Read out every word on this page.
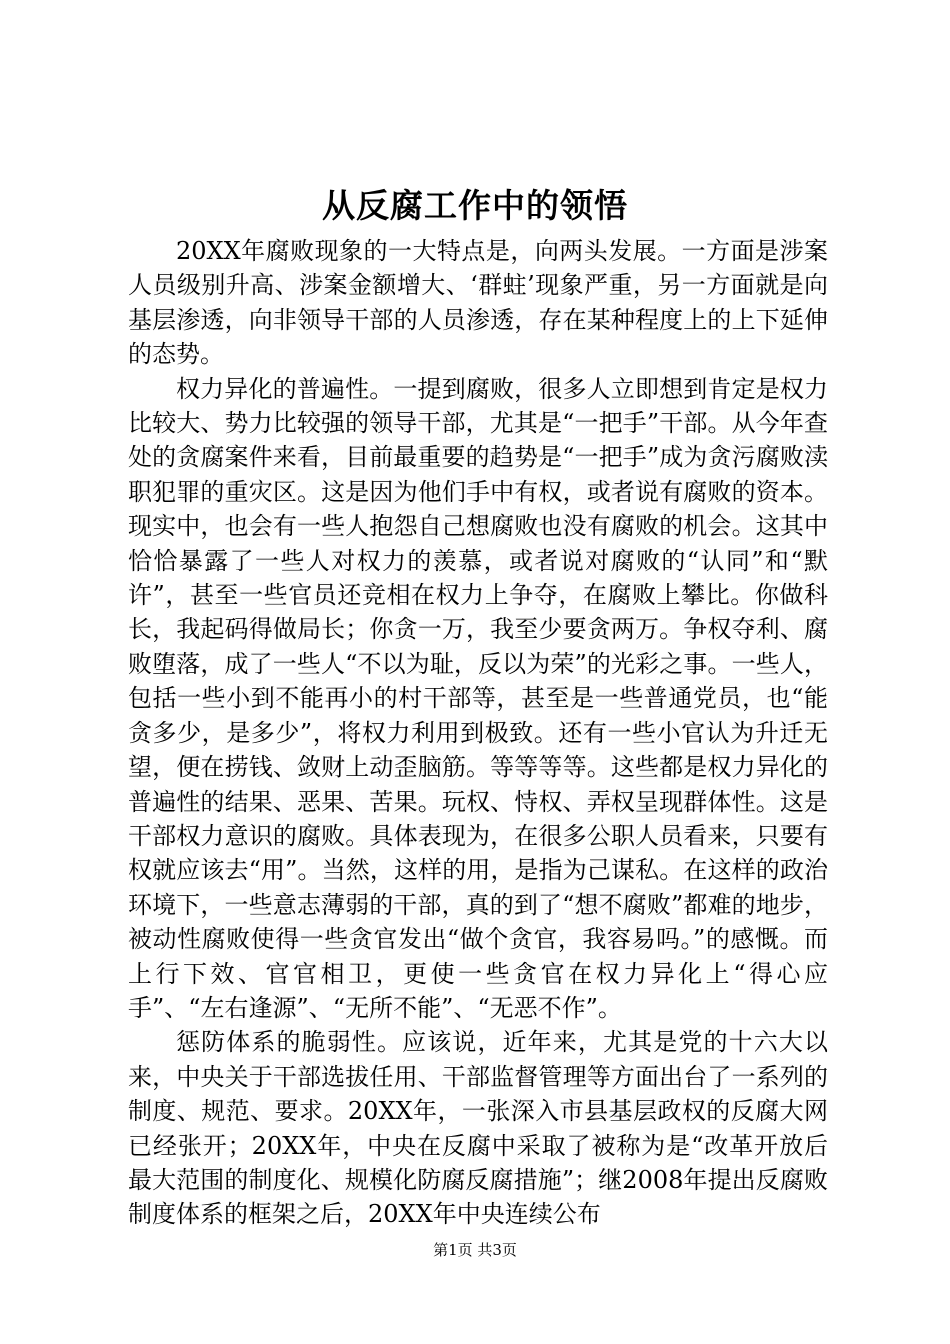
从反腐工作中的领悟

20XX年腐败现象的一大特点是，向两头发展。一方面是涉案人员级别升高、涉案金额增大、‘群蛀’现象严重，另一方面就是向基层渗透，向非领导干部的人员渗透，存在某种程度上的上下延伸的态势。

权力异化的普遍性。一提到腐败，很多人立即想到肯定是权力比较大、势力比较强的领导干部，尤其是“一把手”干部。从今年查处的贪腐案件来看，目前最重要的趋势是“一把手”成为贪污腐败渎职犯罪的重灾区。这是因为他们手中有权，或者说有腐败的资本。现实中，也会有一些人抱怨自己想腐败也没有腐败的机会。这其中恰恰暴露了一些人对权力的羡慕，或者说对腐败的“认同”和“默许”，甚至一些官员还竞相在权力上争夺，在腐败上攀比。你做科长，我起码得做局长；你贪一万，我至少要贪两万。争权夺利、腐败堕落，成了一些人“不以为耻，反以为荣”的光彩之事。一些人，包括一些小到不能再小的村干部等，甚至是一些普通党员，也“能贪多少，是多少”，将权力利用到极致。还有一些小官认为升迁无望，便在捞钱、敛财上动歪脑筋。等等等等。这些都是权力异化的普遍性的结果、恶果、苦果。玩权、恃权、弄权呈现群体性。这是干部权力意识的腐败。具体表现为，在很多公职人员看来，只要有权就应该去“用”。当然，这样的用，是指为己谋私。在这样的政治环境下，一些意志薄弱的干部，真的到了“想不腐败”都难的地步，被动性腐败使得一些贪官发出“做个贪官，我容易吗。”的感慨。而上行下效、官官相卫，更使一些贪官在权力异化上“得心应手”、“左右逢源”、“无所不能”、“无恶不作”。

惩防体系的脆弱性。应该说，近年来，尤其是党的十六大以来，中央关于干部选拔任用、干部监督管理等方面出台了一系列的制度、规范、要求。20XX年，一张深入市县基层政权的反腐大网已经张开；20XX年，中央在反腐中采取了被称为是“改革开放后最大范围的制度化、规模化防腐反腐措施”；继2008年提出反腐败制度体系的框架之后，20XX年中央连续公布

第1页 共3页
